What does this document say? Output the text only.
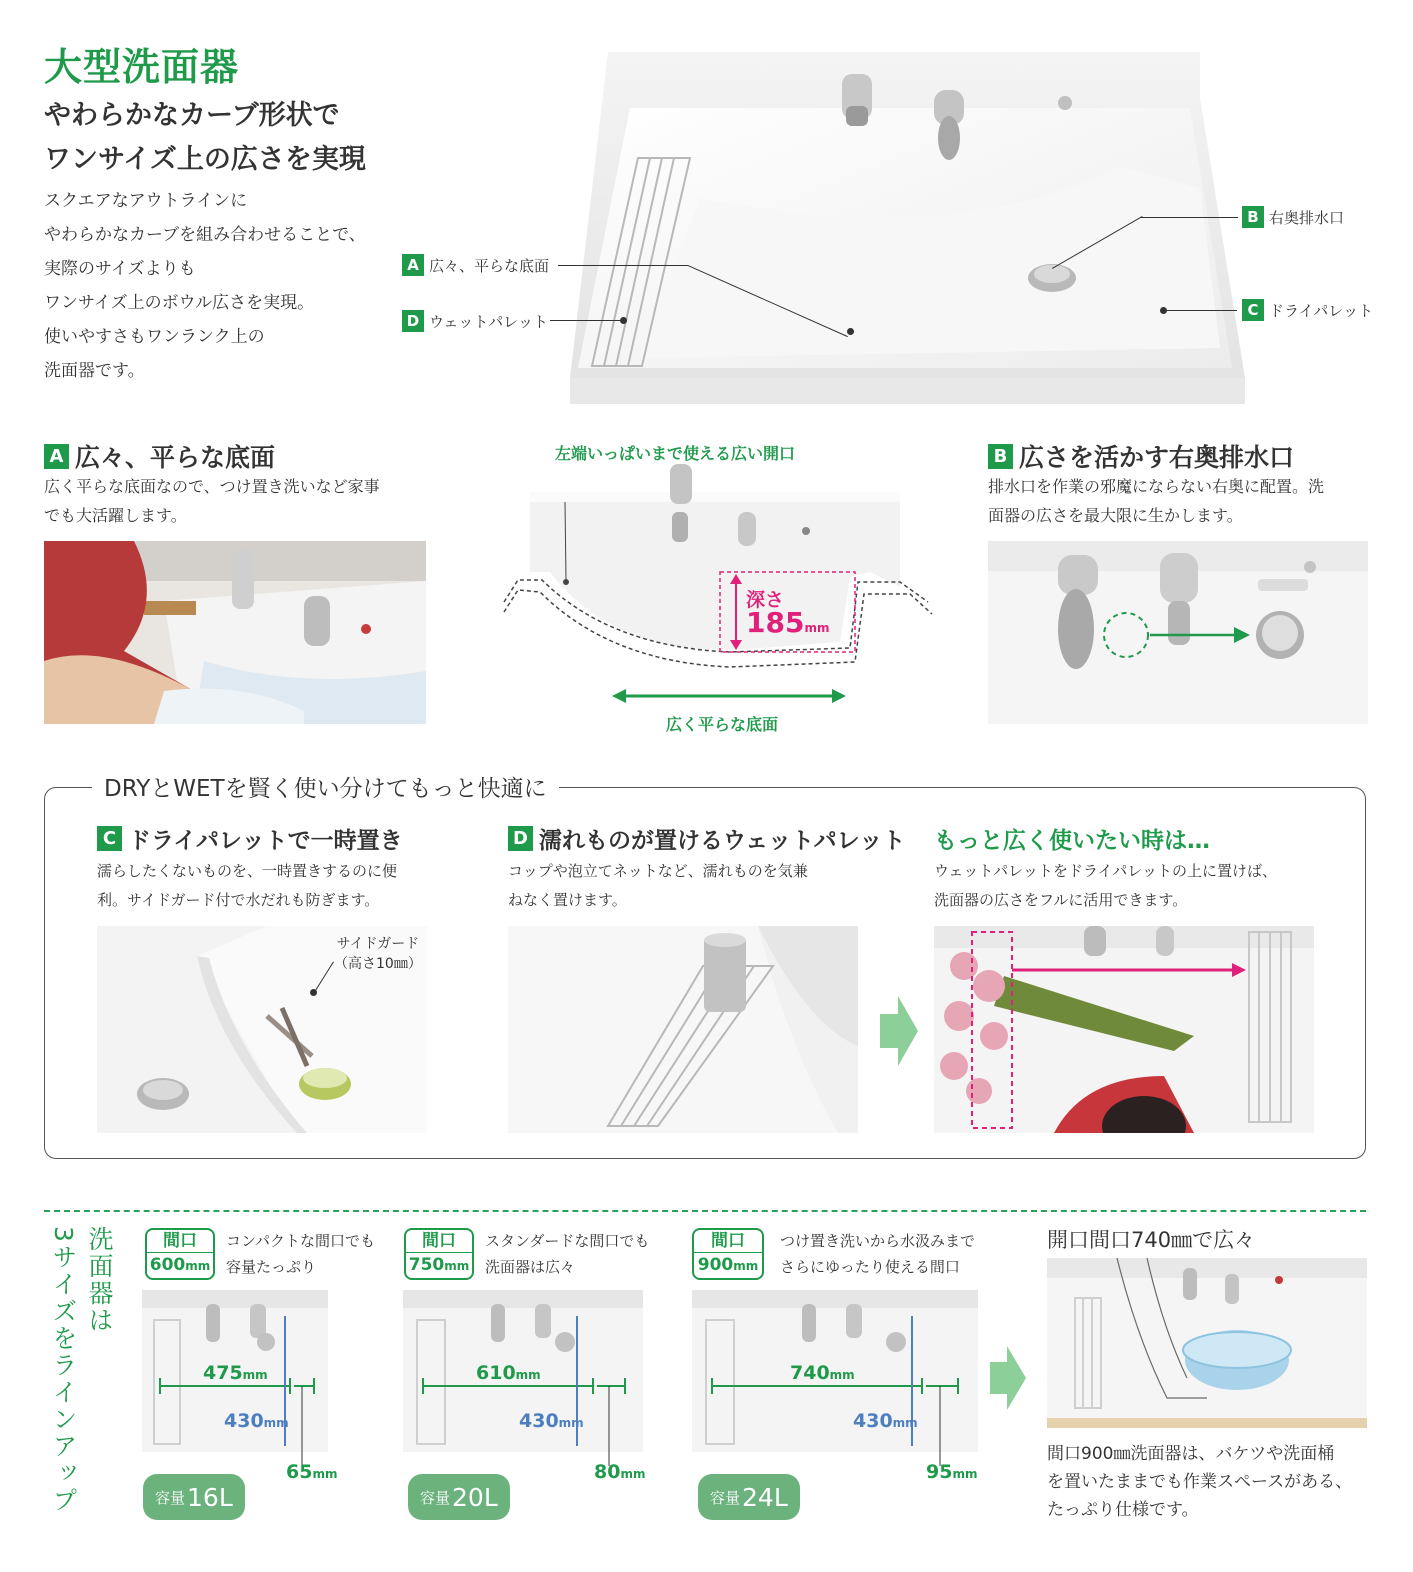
大型洗面器
やわらかなカーブ形状で
ワンサイズ上の広さを実現
スクエアなアウトラインに
やわらかなカーブを組み合わせることで、
実際のサイズよりも
ワンサイズ上のボウル広さを実現。
使いやすさもワンランク上の
洗面器です。
A 広々、平らな底面
D ウェットパレット
B 右奥排水口
C ドライパレット
A 広々、平らな底面
広く平らな底面なので、つけ置き洗いなど家事
でも大活躍します。
左端いっぱいまで使える広い開口
深さ
185mm
広く平らな底面
B 広さを活かす右奥排水口
排水口を作業の邪魔にならない右奥に配置。洗
面器の広さを最大限に生かします。
DRYとWETを賢く使い分けてもっと快適に
C ドライパレットで一時置き
濡らしたくないものを、一時置きするのに便
利。サイドガード付で水だれも防ぎます。
サイドガード
（高さ10㎜）
D 濡れものが置けるウェットパレット
コップや泡立てネットなど、濡れものを気兼
ねなく置けます。
もっと広く使いたい時は…
ウェットパレットをドライパレットの上に置けば、
洗面器の広さをフルに活用できます。
洗面器は
3サイズをラインアップ	間口
600mm
コンパクトな間口でも
容量たっぷり
475mm
430mm
65mm
容量 16L
間口
750mm
スタンダードな間口でも
洗面器は広々
610mm
430mm
80mm
容量 20L
間口
900mm
つけ置き洗いから水汲みまで
さらにゆったり使える間口
740mm
430mm
95mm
容量 24L
開口間口740㎜で広々
間口900㎜洗面器は、バケツや洗面桶
を置いたままでも作業スペースがある、
たっぷり仕様です。
